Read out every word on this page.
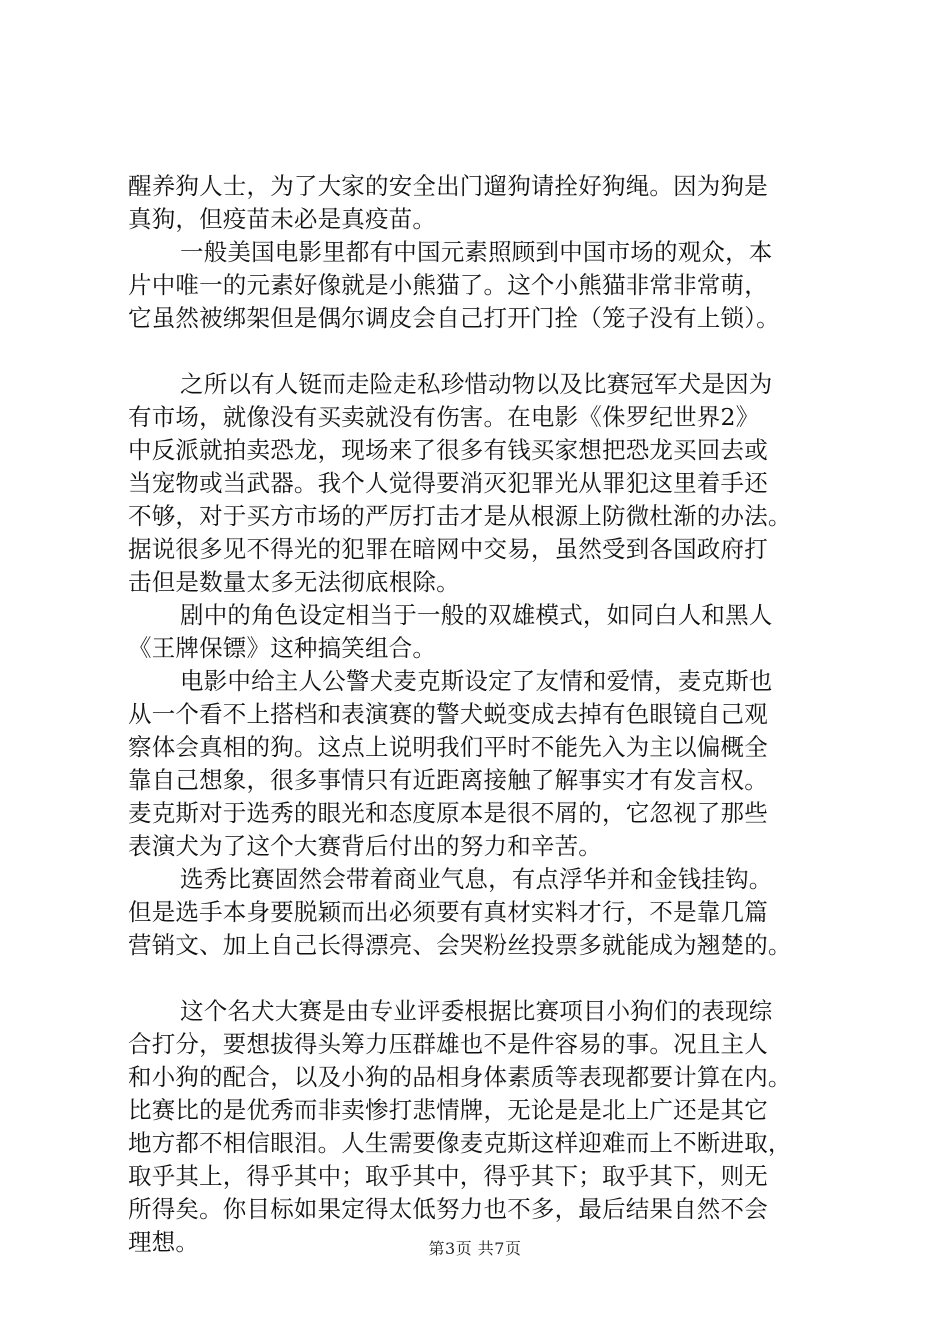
醒养狗人士，为了大家的安全出门遛狗请拴好狗绳。因为狗是
真狗，但疫苗未必是真疫苗。
一般美国电影里都有中国元素照顾到中国市场的观众，本
片中唯一的元素好像就是小熊猫了。这个小熊猫非常非常萌，
它虽然被绑架但是偶尔调皮会自己打开门拴（笼子没有上锁）。
之所以有人铤而走险走私珍惜动物以及比赛冠军犬是因为
有市场，就像没有买卖就没有伤害。在电影《侏罗纪世界2》
中反派就拍卖恐龙，现场来了很多有钱买家想把恐龙买回去或
当宠物或当武器。我个人觉得要消灭犯罪光从罪犯这里着手还
不够，对于买方市场的严厉打击才是从根源上防微杜渐的办法。
据说很多见不得光的犯罪在暗网中交易，虽然受到各国政府打
击但是数量太多无法彻底根除。
剧中的角色设定相当于一般的双雄模式，如同白人和黑人
《王牌保镖》这种搞笑组合。
电影中给主人公警犬麦克斯设定了友情和爱情，麦克斯也
从一个看不上搭档和表演赛的警犬蜕变成去掉有色眼镜自己观
察体会真相的狗。这点上说明我们平时不能先入为主以偏概全
靠自己想象，很多事情只有近距离接触了解事实才有发言权。
麦克斯对于选秀的眼光和态度原本是很不屑的，它忽视了那些
表演犬为了这个大赛背后付出的努力和辛苦。
选秀比赛固然会带着商业气息，有点浮华并和金钱挂钩。
但是选手本身要脱颖而出必须要有真材实料才行，不是靠几篇
营销文、加上自己长得漂亮、会哭粉丝投票多就能成为翘楚的。
这个名犬大赛是由专业评委根据比赛项目小狗们的表现综
合打分，要想拔得头筹力压群雄也不是件容易的事。况且主人
和小狗的配合，以及小狗的品相身体素质等表现都要计算在内。
比赛比的是优秀而非卖惨打悲情牌，无论是是北上广还是其它
地方都不相信眼泪。人生需要像麦克斯这样迎难而上不断进取，
取乎其上，得乎其中；取乎其中，得乎其下；取乎其下，则无
所得矣。你目标如果定得太低努力也不多，最后结果自然不会
理想。	第3页 共7页
